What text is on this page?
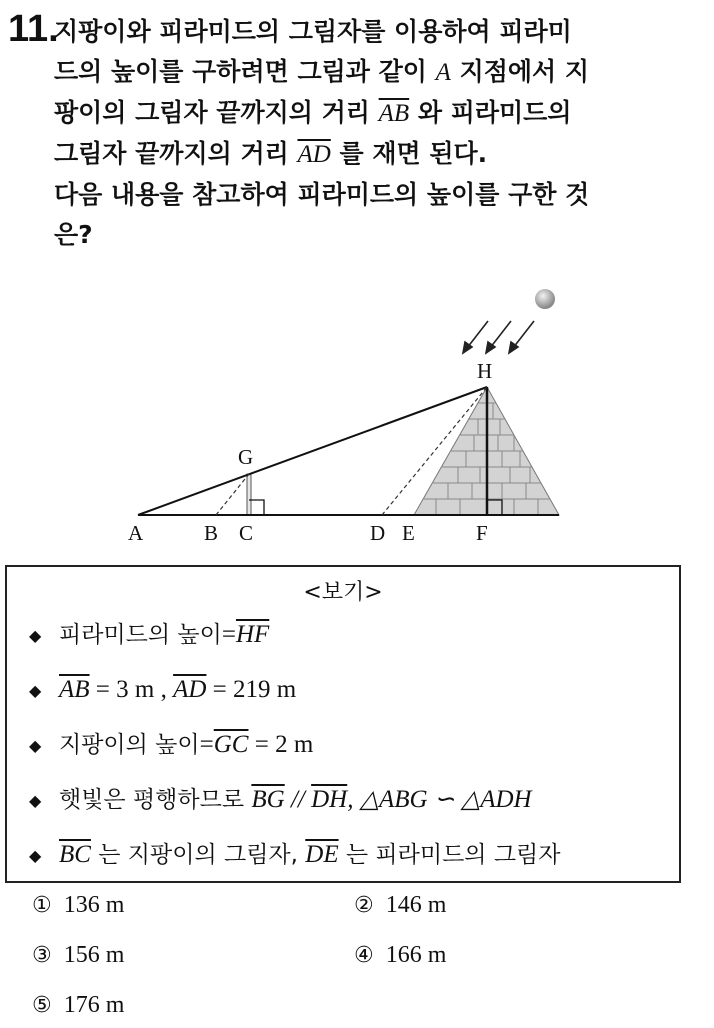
11.
지팡이와 피라미드의 그림자를 이용하여 피라미
드의 높이를 구하려면 그림과 같이 A 지점에서 지
팡이의 그림자 끝까지의 거리 $\overline{AB}$ 와 피라미드의
그림자 끝까지의 거리 $\overline{AD}$ 를 재면 된다.
다음 내용을 참고하여 피라미드의 높이를 구한 것
은?
A	B C	D E	F
G
H
<보기>
◆ 피라미드의 높이$=\overline{HF}$
◆ $\overline{AB} = 3$ m , $\overline{AD} = 219$ m
◆ 지팡이의 높이$=\overline{GC} = 2$ m
◆ 햇빛은 평행하므로 $\overline{BG} // \overline{DH}$, △ABG ∽ △ADH
◆ $\overline{BC}$ 는 지팡이의 그림자, $\overline{DE}$ 는 피라미드의 그림자
① 136 m	② 146 m
③ 156 m	④ 166 m
⑤ 176 m
